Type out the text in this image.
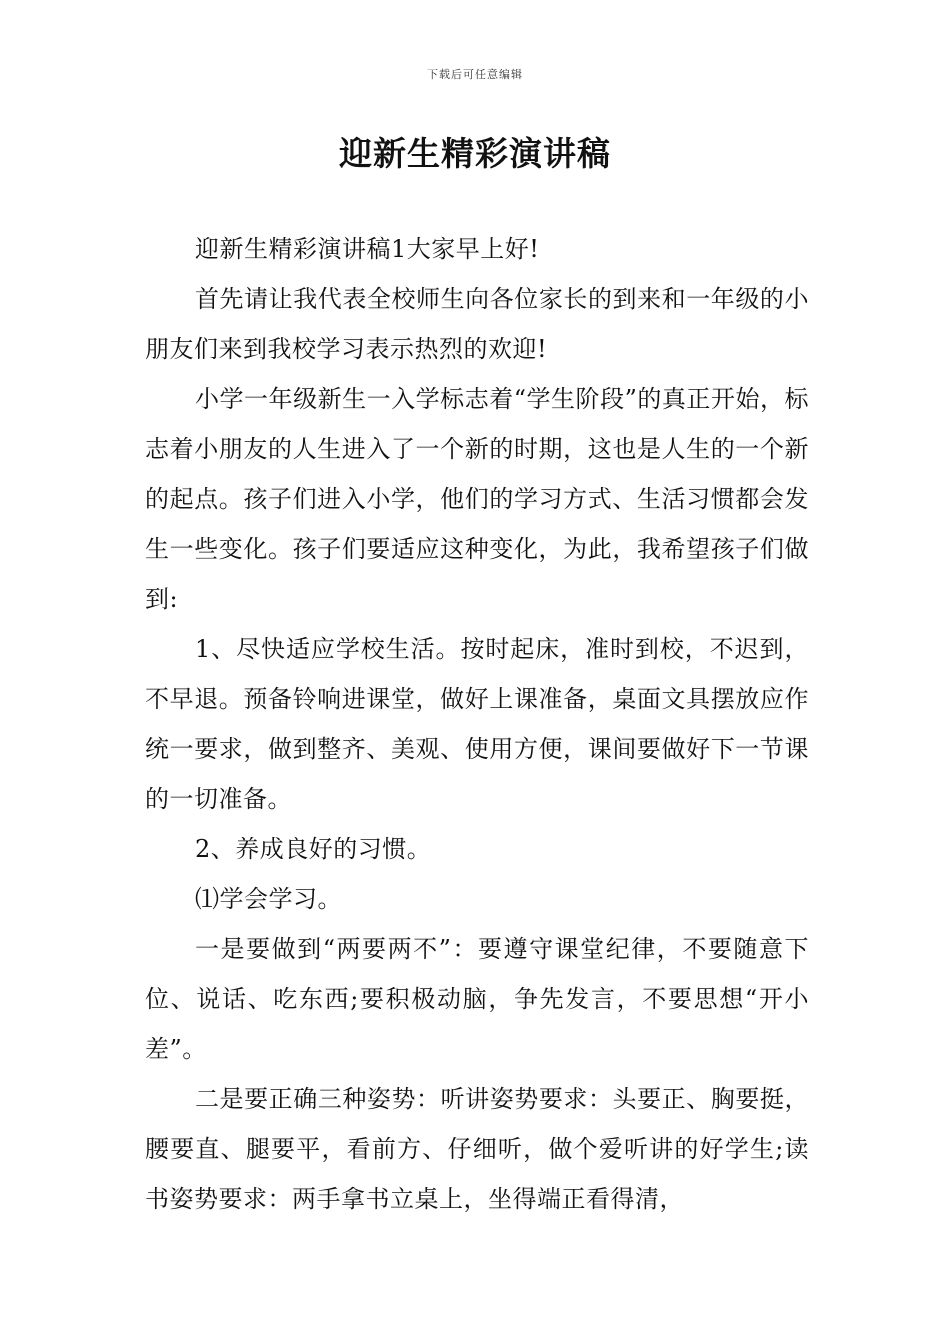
下载后可任意编辑
迎新生精彩演讲稿

迎新生精彩演讲稿1大家早上好!

首先请让我代表全校师生向各位家长的到来和一年级的小朋友们来到我校学习表示热烈的欢迎!

小学一年级新生一入学标志着“学生阶段”的真正开始，标志着小朋友的人生进入了一个新的时期，这也是人生的一个新的起点。孩子们进入小学，他们的学习方式、生活习惯都会发生一些变化。孩子们要适应这种变化，为此，我希望孩子们做到:

1、尽快适应学校生活。按时起床，准时到校，不迟到，不早退。预备铃响进课堂，做好上课准备，桌面文具摆放应作统一要求，做到整齐、美观、使用方便，课间要做好下一节课的一切准备。

2、养成良好的习惯。

⑴学会学习。

一是要做到“两要两不”：要遵守课堂纪律，不要随意下位、说话、吃东西;要积极动脑，争先发言，不要思想“开小差”。

二是要正确三种姿势：听讲姿势要求：头要正、胸要挺，腰要直、腿要平，看前方、仔细听，做个爱听讲的好学生;读书姿势要求：两手拿书立桌上，坐得端正看得清，
